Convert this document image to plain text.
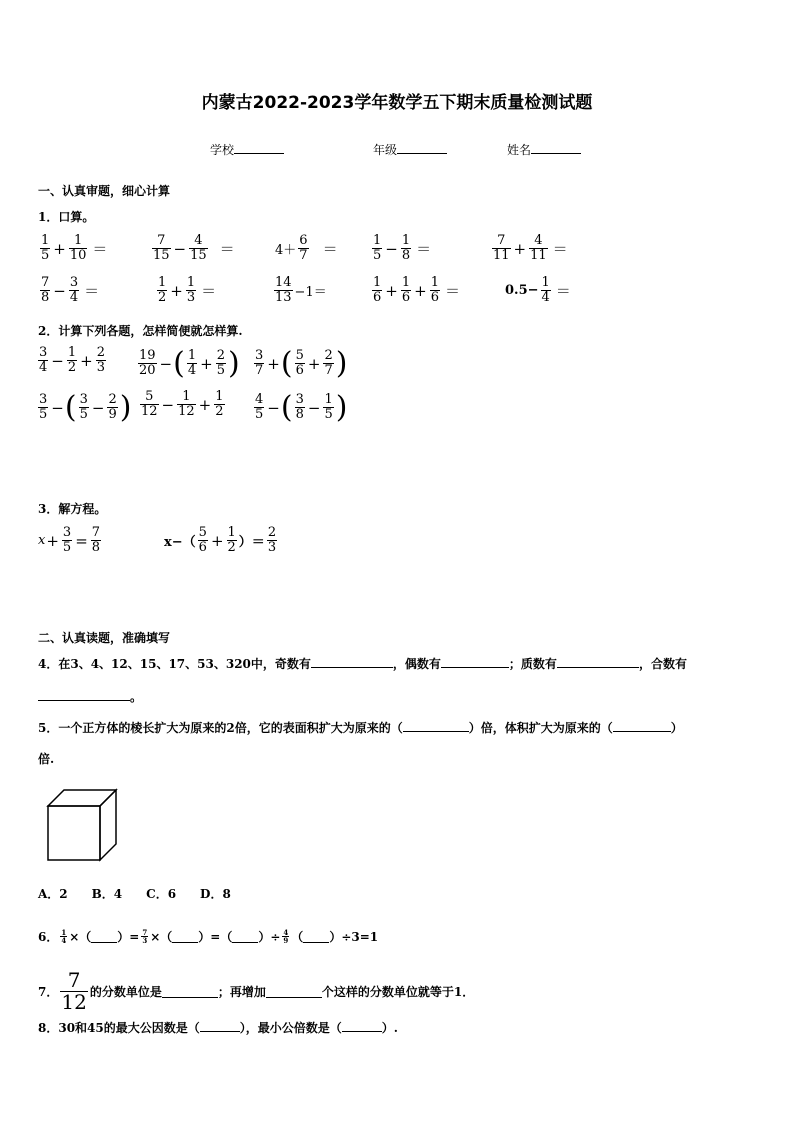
内蒙古2022-2023学年数学五下期末质量检测试题
学校	年级	姓名
一、认真审题，细心计算
1．口算。
$\frac{1}{5} + \frac{1}{10}$ ＝	$\frac{7}{15} - \frac{4}{15}$ ＝	$4+ \frac{6}{7}$ ＝	$\frac{1}{5} - \frac{1}{8}$ ＝	$\frac{7}{11} + \frac{4}{11}$ ＝
$\frac{7}{8} - \frac{3}{4}$ ＝	$\frac{1}{2} + \frac{1}{3}$ ＝	$\frac{14}{13} -1=$	$\frac{1}{6} + \frac{1}{6} + \frac{1}{6}$ ＝	$0.5- \frac{1}{4}$ ＝
2．计算下列各题，怎样简便就怎样算.
$\frac{3}{4} - \frac{1}{2} + \frac{2}{3} \frac{19}{20}$ − ( $\frac{1}{4} + \frac{2}{5}$ ) $\frac{3}{7}$ + ( $\frac{5}{6} + \frac{2}{7}$ )
$\frac{3}{5}$ − ( $\frac{3}{5} - \frac{2}{9}$ ) $\frac{5}{12} - \frac{1}{12} + \frac{1}{2} \frac{4}{5}$ − ( $\frac{3}{8} - \frac{1}{5}$ )
3．解方程。
$x + \frac{3}{5} = \frac{7}{8}$	$x-( \frac{5}{6} + \frac{1}{2}$ ）＝ $\frac{2}{3}$
二、认真读题，准确填写
4．在3、4、12、15、17、53、320中，奇数有	，偶数有	；质数有	，合数有
。
5．一个正方体的棱长扩大为原来的2倍，它的表面积扩大为原来的（	）倍，体积扩大为原来的（	）
倍.
A．2　　B．4　　C．6　　D．8
6． $\frac{1}{4}$ ×（ ）= $\frac{7}{3}$ ×（ ）=（ ）÷ $\frac{4}{9}$ （ ）÷3=1
7． $\frac{7}{12}$ 的分数单位是	；再增加	个这样的分数单位就等于1．
8．30和45的最大公因数是（	），最小公倍数是（	）.
